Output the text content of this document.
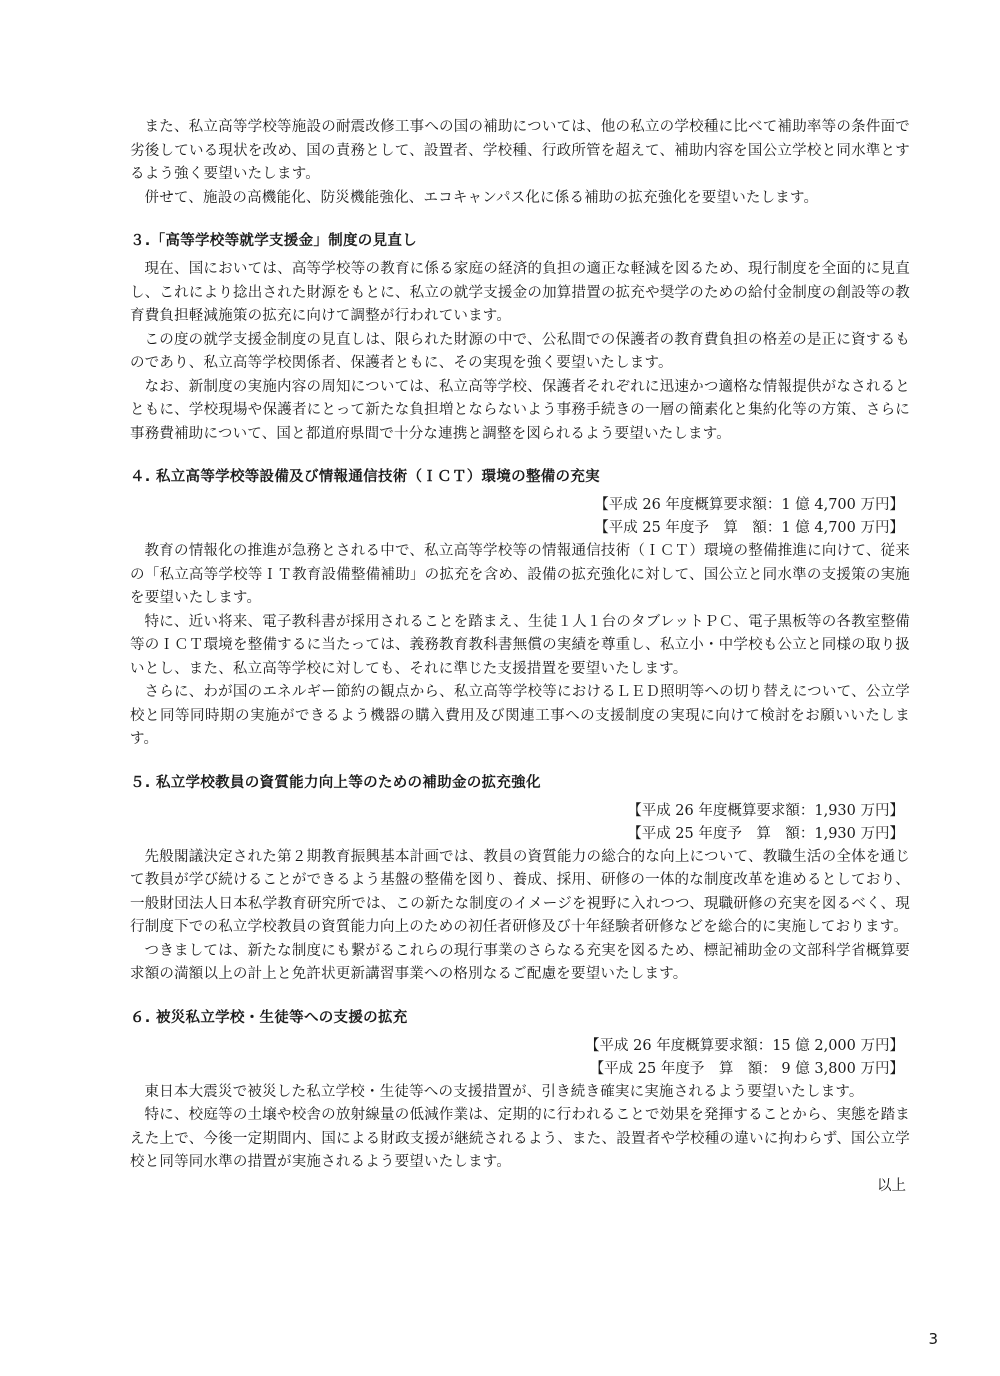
また、私立高等学校等施設の耐震改修工事への国の補助については、他の私立の学校種に比べて補助率等の条件面で劣後している現状を改め、国の責務として、設置者、学校種、行政所管を超えて、補助内容を国公立学校と同水準とするよう強く要望いたします。

併せて、施設の高機能化、防災機能強化、エコキャンパス化に係る補助の拡充強化を要望いたします。

３.「高等学校等就学支援金」制度の見直し

現在、国においては、高等学校等の教育に係る家庭の経済的負担の適正な軽減を図るため、現行制度を全面的に見直し、これにより捻出された財源をもとに、私立の就学支援金の加算措置の拡充や奨学のための給付金制度の創設等の教育費負担軽減施策の拡充に向けて調整が行われています。

この度の就学支援金制度の見直しは、限られた財源の中で、公私間での保護者の教育費負担の格差の是正に資するものであり、私立高等学校関係者、保護者ともに、その実現を強く要望いたします。

なお、新制度の実施内容の周知については、私立高等学校、保護者それぞれに迅速かつ適格な情報提供がなされるとともに、学校現場や保護者にとって新たな負担増とならないよう事務手続きの一層の簡素化と集約化等の方策、さらに事務費補助について、国と都道府県間で十分な連携と調整を図られるよう要望いたします。

４. 私立高等学校等設備及び情報通信技術（ＩＣＴ）環境の整備の充実

【平成 26 年度概算要求額：1 億 4,700 万円】

【平成 25 年度予　算　額：1 億 4,700 万円】

教育の情報化の推進が急務とされる中で、私立高等学校等の情報通信技術（ＩＣＴ）環境の整備推進に向けて、従来の「私立高等学校等ＩＴ教育設備整備補助」の拡充を含め、設備の拡充強化に対して、国公立と同水準の支援策の実施を要望いたします。

特に、近い将来、電子教科書が採用されることを踏まえ、生徒１人１台のタブレットＰＣ、電子黒板等の各教室整備等のＩＣＴ環境を整備するに当たっては、義務教育教科書無償の実績を尊重し、私立小・中学校も公立と同様の取り扱いとし、また、私立高等学校に対しても、それに準じた支援措置を要望いたします。

さらに、わが国のエネルギー節約の観点から、私立高等学校等におけるＬＥＤ照明等への切り替えについて、公立学校と同等同時期の実施ができるよう機器の購入費用及び関連工事への支援制度の実現に向けて検討をお願いいたします。

５. 私立学校教員の資質能力向上等のための補助金の拡充強化

【平成 26 年度概算要求額：1,930 万円】

【平成 25 年度予　算　額：1,930 万円】

先般閣議決定された第２期教育振興基本計画では、教員の資質能力の総合的な向上について、教職生活の全体を通じて教員が学び続けることができるよう基盤の整備を図り、養成、採用、研修の一体的な制度改革を進めるとしており、一般財団法人日本私学教育研究所では、この新たな制度のイメージを視野に入れつつ、現職研修の充実を図るべく、現行制度下での私立学校教員の資質能力向上のための初任者研修及び十年経験者研修などを総合的に実施しております。

つきましては、新たな制度にも繋がるこれらの現行事業のさらなる充実を図るため、標記補助金の文部科学省概算要求額の満額以上の計上と免許状更新講習事業への格別なるご配慮を要望いたします。

６. 被災私立学校・生徒等への支援の拡充

【平成 26 年度概算要求額：15 億 2,000 万円】

【平成 25 年度予　算　額： 9 億 3,800 万円】

東日本大震災で被災した私立学校・生徒等への支援措置が、引き続き確実に実施されるよう要望いたします。

特に、校庭等の土壌や校舎の放射線量の低減作業は、定期的に行われることで効果を発揮することから、実態を踏まえた上で、今後一定期間内、国による財政支援が継続されるよう、また、設置者や学校種の違いに拘わらず、国公立学校と同等同水準の措置が実施されるよう要望いたします。

以上

3
